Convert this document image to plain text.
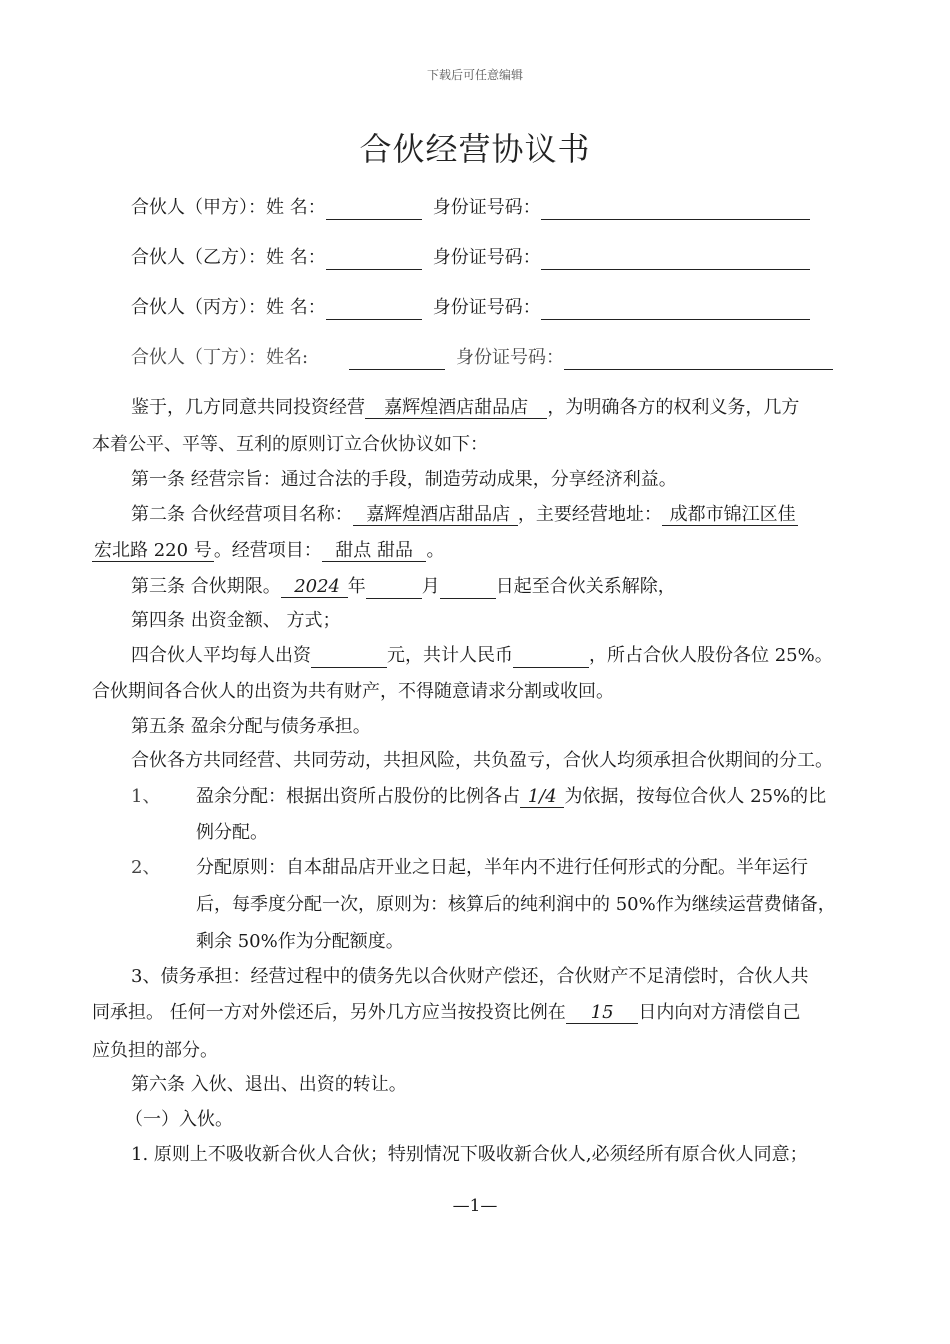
下载后可任意编辑
合伙经营协议书
合伙人（甲方）：姓 名：	身份证号码：
合伙人（乙方）：姓 名：	身份证号码：
合伙人（丙方）：姓 名：	身份证号码：
合伙人（丁方）：姓名:	身份证号码：
鉴于，几方同意共同投资经营 嘉辉煌酒店甜品店 ，为明确各方的权利义务，几方
本着公平、平等、互利的原则订立合伙协议如下：
第一条 经营宗旨：通过合法的手段，制造劳动成果，分享经济利益。
第二条 合伙经营项目名称： 嘉辉煌酒店甜品店 ，主要经营地址： 成都市锦江区佳
宏北路 220 号 。经营项目： 甜点 甜品 。
第三条 合伙期限。 2024 年	月	日起至合伙关系解除，
第四条 出资金额、 方式；
四合伙人平均每人出资	元，共计人民币	，所占合伙人股份各位 25%。
合伙期间各合伙人的出资为共有财产，不得随意请求分割或收回。
第五条 盈余分配与债务承担。
合伙各方共同经营、共同劳动，共担风险，共负盈亏，合伙人均须承担合伙期间的分工。
1、 盈余分配：根据出资所占股份的比例各占 1/4 为依据，按每位合伙人 25%的比
例分配。
2、 分配原则：自本甜品店开业之日起，半年内不进行任何形式的分配。半年运行
后，每季度分配一次，原则为：核算后的纯利润中的 50%作为继续运营费储备，
剩余 50%作为分配额度。
3、债务承担：经营过程中的债务先以合伙财产偿还，合伙财产不足清偿时，合伙人共
同承担。 任何一方对外偿还后，另外几方应当按投资比例在 15 日内向对方清偿自己
应负担的部分。
第六条 入伙、退出、出资的转让。
（一）入伙。
1. 原则上不吸收新合伙人合伙；特别情况下吸收新合伙人,必须经所有原合伙人同意；
—1—
